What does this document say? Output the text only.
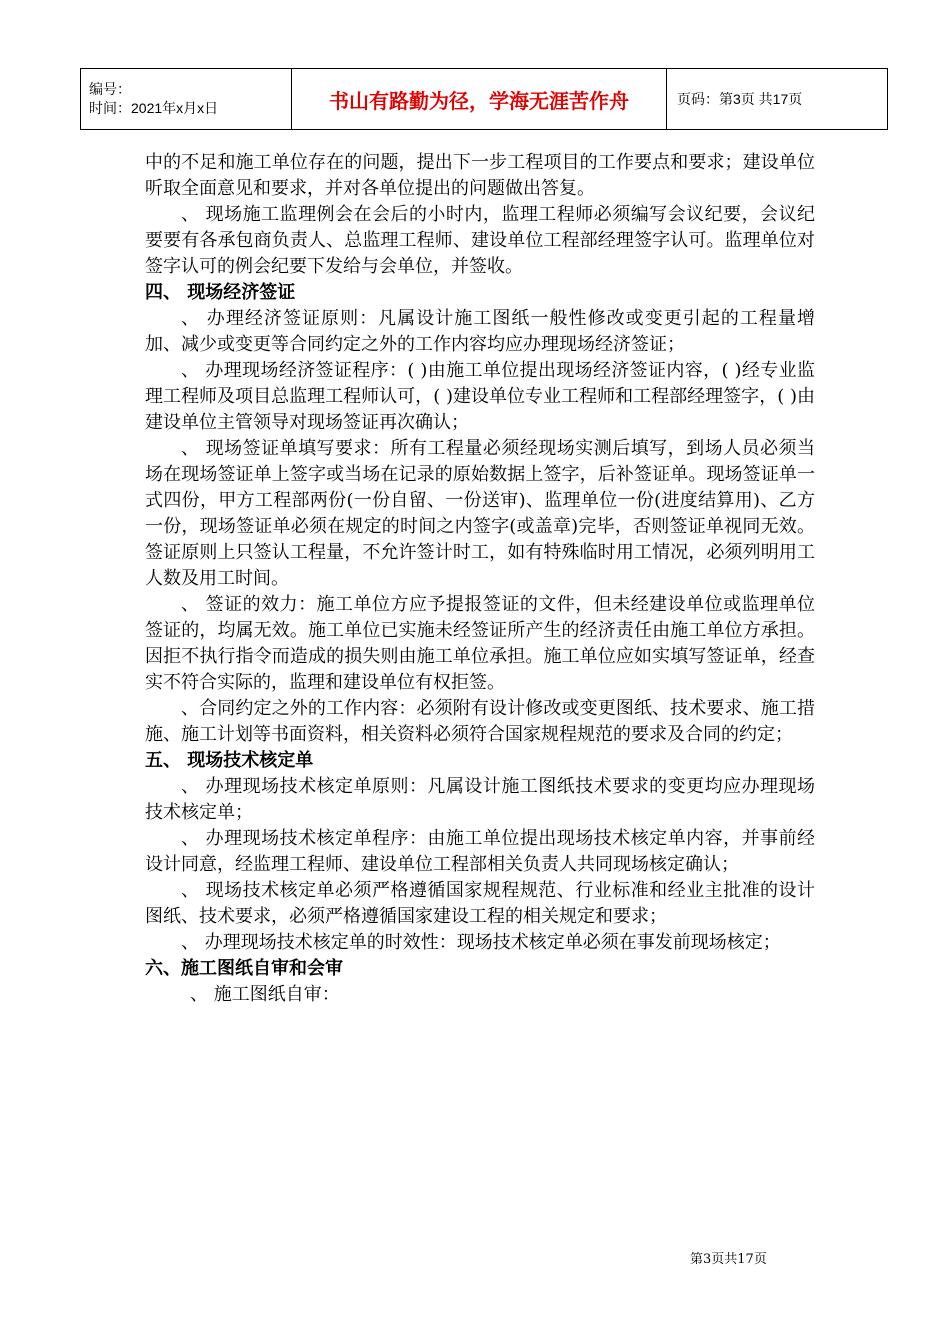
编号：
时间：2021年x月x日	书山有路勤为径，学海无涯苦作舟	页码：第3页 共17页

中的不足和施工单位存在的问题，提出下一步工程项目的工作要点和要求；建设单位听取全面意见和要求，并对各单位提出的问题做出答复。

、 现场施工监理例会在会后的小时内，监理工程师必须编写会议纪要，会议纪要要有各承包商负责人、总监理工程师、建设单位工程部经理签字认可。监理单位对签字认可的例会纪要下发给与会单位，并签收。

四、 现场经济签证

、 办理经济签证原则：凡属设计施工图纸一般性修改或变更引起的工程量增加、减少或变更等合同约定之外的工作内容均应办理现场经济签证；

、 办理现场经济签证程序：( )由施工单位提出现场经济签证内容，( )经专业监理工程师及项目总监理工程师认可，( )建设单位专业工程师和工程部经理签字，( )由建设单位主管领导对现场签证再次确认；

、 现场签证单填写要求：所有工程量必须经现场实测后填写，到场人员必须当场在现场签证单上签字或当场在记录的原始数据上签字，后补签证单。现场签证单一式四份，甲方工程部两份(一份自留、一份送审)、监理单位一份(进度结算用)、乙方一份，现场签证单必须在规定的时间之内签字(或盖章)完毕，否则签证单视同无效。签证原则上只签认工程量，不允许签计时工，如有特殊临时用工情况，必须列明用工人数及用工时间。

、 签证的效力：施工单位方应予提报签证的文件，但未经建设单位或监理单位签证的，均属无效。施工单位已实施未经签证所产生的经济责任由施工单位方承担。因拒不执行指令而造成的损失则由施工单位承担。施工单位应如实填写签证单，经查实不符合实际的，监理和建设单位有权拒签。

、合同约定之外的工作内容：必须附有设计修改或变更图纸、技术要求、施工措施、施工计划等书面资料，相关资料必须符合国家规程规范的要求及合同的约定；

五、 现场技术核定单

、 办理现场技术核定单原则：凡属设计施工图纸技术要求的变更均应办理现场技术核定单；

、 办理现场技术核定单程序：由施工单位提出现场技术核定单内容，并事前经设计同意，经监理工程师、建设单位工程部相关负责人共同现场核定确认；

、 现场技术核定单必须严格遵循国家规程规范、行业标准和经业主批准的设计图纸、技术要求，必须严格遵循国家建设工程的相关规定和要求；

、 办理现场技术核定单的时效性：现场技术核定单必须在事发前现场核定；

六、施工图纸自审和会审

、 施工图纸自审：

第3页共17页
